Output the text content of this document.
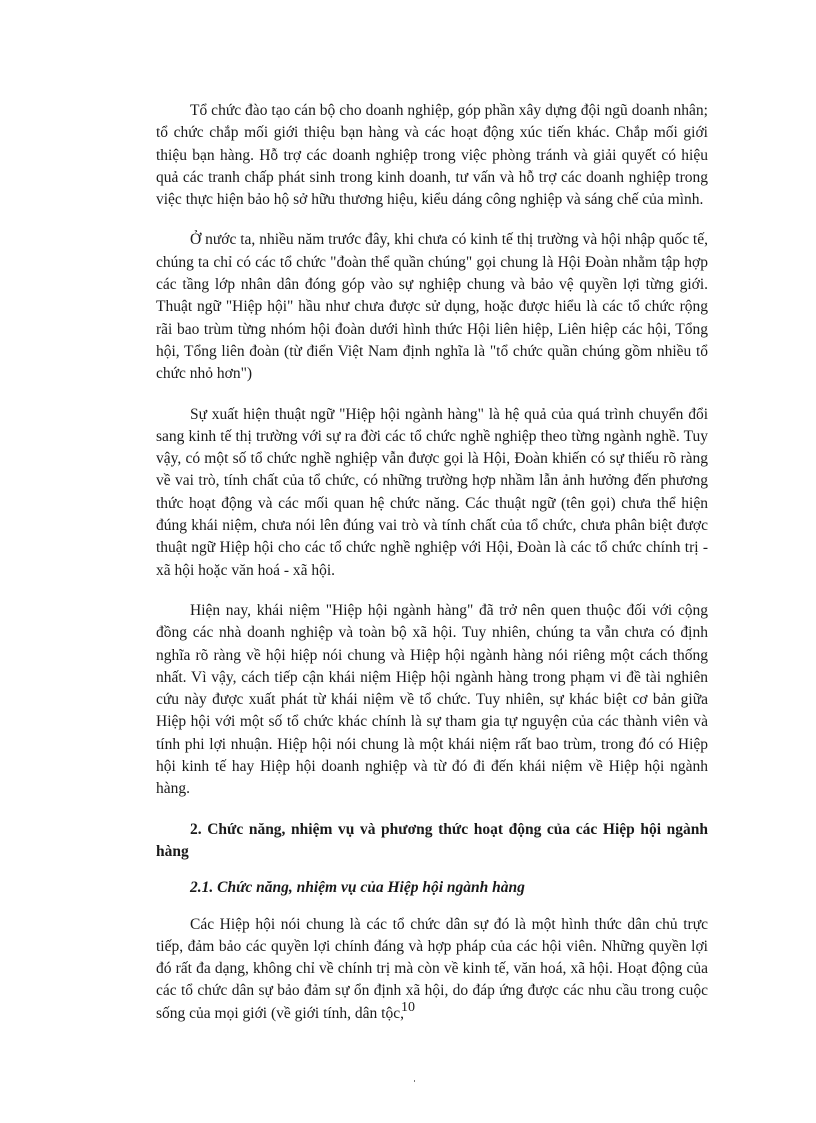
Tổ chức đào tạo cán bộ cho doanh nghiệp, góp phần xây dựng đội ngũ doanh nhân; tổ chức chắp mối giới thiệu bạn hàng và các hoạt động xúc tiến khác. Chắp mối giới thiệu bạn hàng. Hỗ trợ các doanh nghiệp trong việc phòng tránh và giải quyết có hiệu quả các tranh chấp phát sinh trong kinh doanh, tư vấn và hỗ trợ các doanh nghiệp trong việc thực hiện bảo hộ sở hữu thương hiệu, kiểu dáng công nghiệp và sáng chế của mình.

Ở nước ta, nhiều năm trước đây, khi chưa có kinh tế thị trường và hội nhập quốc tế, chúng ta chỉ có các tổ chức "đoàn thể quần chúng" gọi chung là Hội Đoàn nhằm tập hợp các tầng lớp nhân dân đóng góp vào sự nghiệp chung và bảo vệ quyền lợi từng giới. Thuật ngữ "Hiệp hội" hầu như chưa được sử dụng, hoặc được hiểu là các tổ chức rộng rãi bao trùm từng nhóm hội đoàn dưới hình thức Hội liên hiệp, Liên hiệp các hội, Tổng hội, Tổng liên đoàn (từ điển Việt Nam định nghĩa là "tổ chức quần chúng gồm nhiều tổ chức nhỏ hơn")

Sự xuất hiện thuật ngữ "Hiệp hội ngành hàng" là hệ quả của quá trình chuyển đổi sang kinh tế thị trường với sự ra đời các tổ chức nghề nghiệp theo từng ngành nghề. Tuy vậy, có một số tổ chức nghề nghiệp vẫn được gọi là Hội, Đoàn khiến có sự thiếu rõ ràng về vai trò, tính chất của tổ chức, có những trường hợp nhầm lẫn ảnh hưởng đến phương thức hoạt động và các mối quan hệ chức năng. Các thuật ngữ (tên gọi) chưa thể hiện đúng khái niệm, chưa nói lên đúng vai trò và tính chất của tổ chức, chưa phân biệt được thuật ngữ Hiệp hội cho các tổ chức nghề nghiệp với Hội, Đoàn là các tổ chức chính trị - xã hội hoặc văn hoá - xã hội.

Hiện nay, khái niệm "Hiệp hội ngành hàng" đã trở nên quen thuộc đối với cộng đồng các nhà doanh nghiệp và toàn bộ xã hội. Tuy nhiên, chúng ta vẫn chưa có định nghĩa rõ ràng về hội hiệp nói chung và Hiệp hội ngành hàng nói riêng một cách thống nhất. Vì vậy, cách tiếp cận khái niệm Hiệp hội ngành hàng trong phạm vi đề tài nghiên cứu này được xuất phát từ khái niệm về tổ chức. Tuy nhiên, sự khác biệt cơ bản giữa Hiệp hội với một số tổ chức khác chính là sự tham gia tự nguyện của các thành viên và tính phi lợi nhuận. Hiệp hội nói chung là một khái niệm rất bao trùm, trong đó có Hiệp hội kinh tế hay Hiệp hội doanh nghiệp và từ đó đi đến khái niệm về Hiệp hội ngành hàng.

2. Chức năng, nhiệm vụ và phương thức hoạt động của các Hiệp hội ngành hàng

2.1. Chức năng, nhiệm vụ của Hiệp hội ngành hàng

Các Hiệp hội nói chung là các tổ chức dân sự đó là một hình thức dân chủ trực tiếp, đảm bảo các quyền lợi chính đáng và hợp pháp của các hội viên. Những quyền lợi đó rất đa dạng, không chỉ về chính trị mà còn về kinh tế, văn hoá, xã hội. Hoạt động của các tổ chức dân sự bảo đảm sự ổn định xã hội, do đáp ứng được các nhu cầu trong cuộc sống của mọi giới (về giới tính, dân tộc,

10
